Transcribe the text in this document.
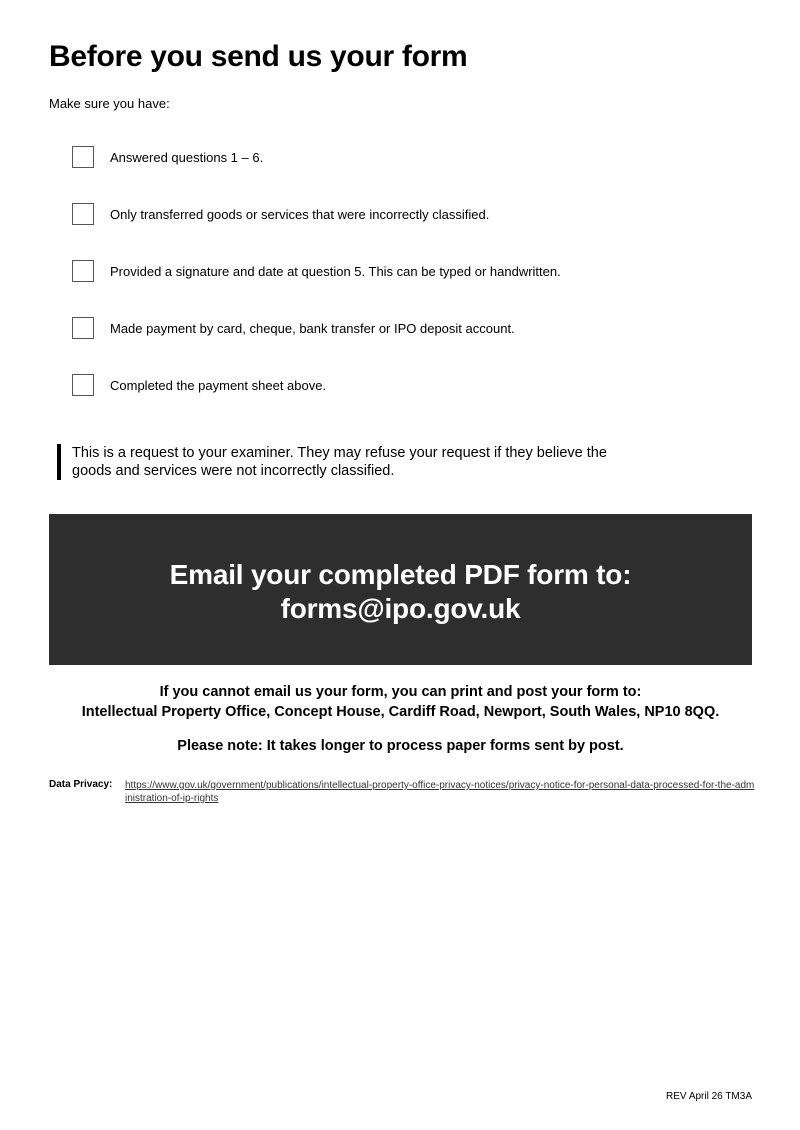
Before you send us your form
Make sure you have:
Answered questions 1 – 6.
Only transferred goods or services that were incorrectly classified.
Provided a signature and date at question 5. This can be typed or handwritten.
Made payment by card, cheque, bank transfer or IPO deposit account.
Completed the payment sheet above.
This is a request to your examiner. They may refuse your request if they believe the
goods and services were not incorrectly classified.
Email your completed PDF form to:
forms@ipo.gov.uk
If you cannot email us your form, you can print and post your form to:
Intellectual Property Office, Concept House, Cardiff Road, Newport, South Wales, NP10 8QQ.
Please note: It takes longer to process paper forms sent by post.
Data Privacy: https://www.gov.uk/government/publications/intellectual-property-office-privacy-notices/privacy-notice-for-personal-data-processed-for-the-administration-of-ip-rights
REV April 26 TM3A
